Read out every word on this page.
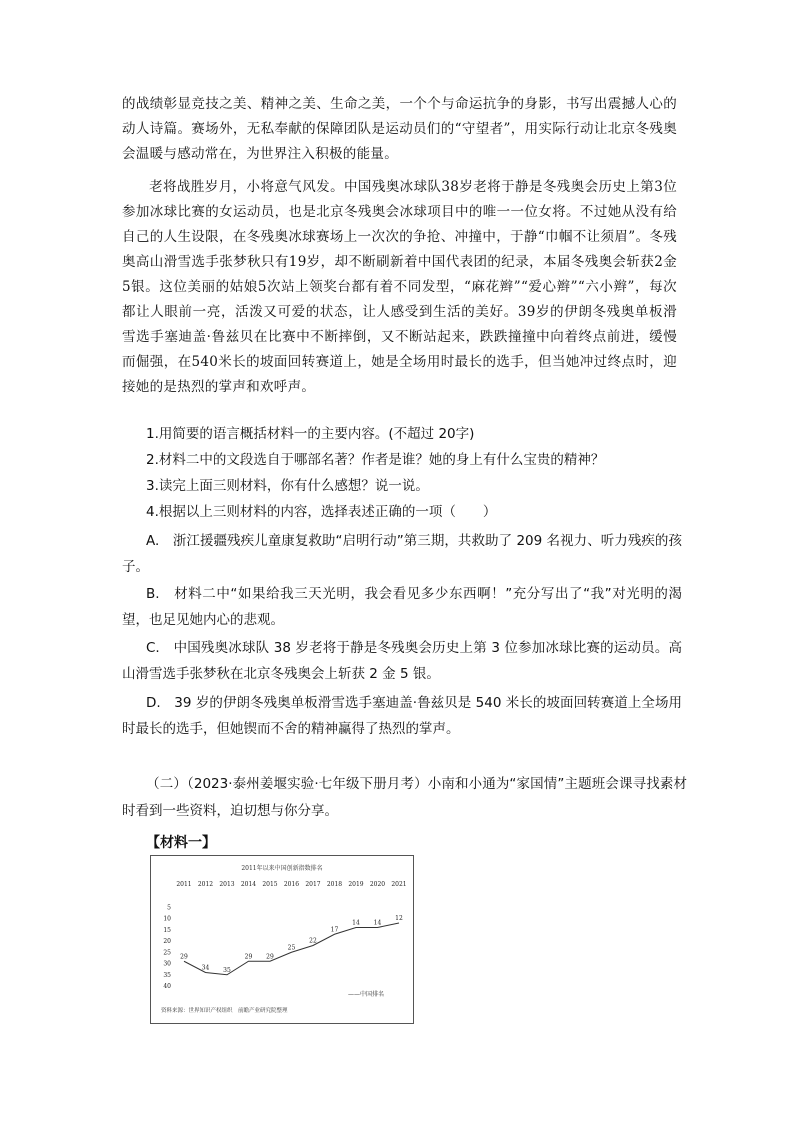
的战绩彰显竞技之美、精神之美、生命之美，一个个与命运抗争的身影，书写出震撼人心的动人诗篇。赛场外，无私奉献的保障团队是运动员们的“守望者”，用实际行动让北京冬残奥会温暖与感动常在，为世界注入积极的能量。
老将战胜岁月，小将意气风发。中国残奥冰球队38岁老将于静是冬残奥会历史上第3位参加冰球比赛的女运动员，也是北京冬残奥会冰球项目中的唯一一位女将。不过她从没有给自己的人生设限，在冬残奥冰球赛场上一次次的争抢、冲撞中，于静“巾帼不让须眉”。冬残奥高山滑雪选手张梦秋只有19岁，却不断刷新着中国代表团的纪录，本届冬残奥会斩获2金5银。这位美丽的姑娘5次站上领奖台都有着不同发型，“麻花辫”“爱心辫”“六小辫”，每次都让人眼前一亮，活泼又可爱的状态，让人感受到生活的美好。39岁的伊朗冬残奥单板滑雪选手塞迪盖·鲁兹贝在比赛中不断摔倒，又不断站起来，跌跌撞撞中向着终点前进，缓慢而倔强，在540米长的坡面回转赛道上，她是全场用时最长的选手，但当她冲过终点时，迎接她的是热烈的掌声和欢呼声。
1.用简要的语言概括材料一的主要内容。(不超过 20字)
2.材料二中的文段选自于哪部名著？作者是谁？她的身上有什么宝贵的精神？
3.读完上面三则材料，你有什么感想？说一说。
4.根据以上三则材料的内容，选择表述正确的一项（　　）
A.　浙江援疆残疾儿童康复救助“启明行动”第三期，共救助了 209 名视力、听力残疾的孩子。
B.　材料二中“如果给我三天光明，我会看见多少东西啊！”充分写出了“我”对光明的渴望，也足见她内心的悲观。
C.　中国残奥冰球队 38 岁老将于静是冬残奥会历史上第 3 位参加冰球比赛的运动员。高山滑雪选手张梦秋在北京冬残奥会上斩获 2 金 5 银。
D.　39 岁的伊朗冬残奥单板滑雪选手塞迪盖·鲁兹贝是 540 米长的坡面回转赛道上全场用时最长的选手，但她锲而不舍的精神赢得了热烈的掌声。
（二）（2023·泰州姜堰实验·七年级下册月考）小南和小通为“家国情”主题班会课寻找素材时看到一些资料，迫切想与你分享。
【材料一】
2011年以来中国创新指数排名
5
10
15
20
25
30
35
40
2011 2012 2013 2014 2015 2016 2017 2018 2019 2020 2021
29
34 35
29 29
25
22
17
14 14
12
——中国排名
资料来源：世界知识产权组织　前瞻产业研究院整理
